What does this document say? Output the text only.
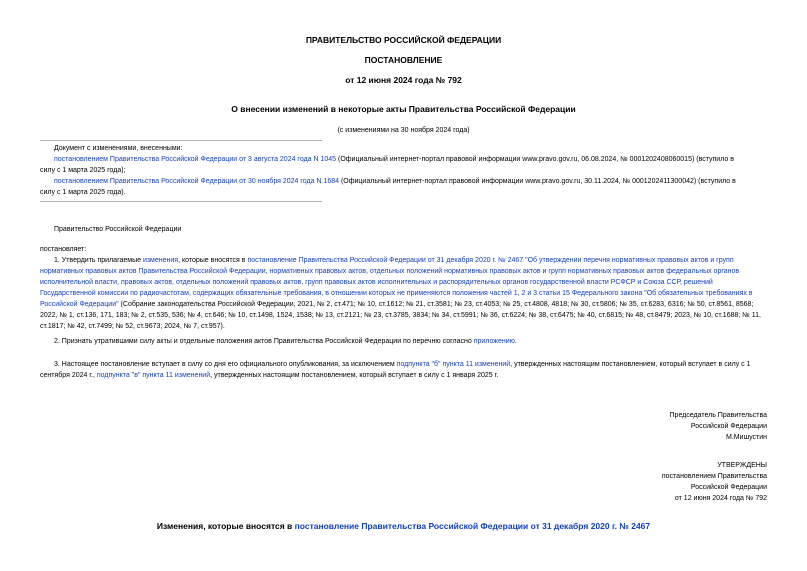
ПРАВИТЕЛЬСТВО РОССИЙСКОЙ ФЕДЕРАЦИИ
ПОСТАНОВЛЕНИЕ
от 12 июня 2024 года № 792
О внесении изменений в некоторые акты Правительства Российской Федерации
(с изменениями на 30 ноября 2024 года)

Документ с изменениями, внесенными:

постановлением Правительства Российской Федерации от 3 августа 2024 года N 1045 (Официальный интернет-портал правовой информации www.pravo.gov.ru, 06.08.2024, № 0001202408060015) (вступило в

силу с 1 марта 2025 года);

постановлением Правительства Российской Федерации от 30 ноября 2024 года N 1684 (Официальный интернет-портал правовой информации www.pravo.gov.ru, 30.11.2024, № 0001202411300042) (вступило в

силу с 1 марта 2025 года).

Правительство Российской Федерации
постановляет:
1. Утвердить прилагаемые изменения, которые вносятся в постановление Правительства Российской Федерации от 31 декабря 2020 г. № 2467 "Об утверждении перечня нормативных правовых актов и групп нормативных правовых актов Правительства Российской Федерации, нормативных правовых актов, отдельных положений нормативных правовых актов и групп нормативных правовых актов федеральных органов исполнительной власти, правовых актов, отдельных положений правовых актов, групп правовых актов исполнительных и распорядительных органов государственной власти РСФСР и Союза ССР, решений Государственной комиссии по радиочастотам, содержащих обязательные требования, в отношении которых не применяются положения частей 1, 2 и 3 статьи 15 Федерального закона "Об обязательных требованиях в Российской Федерации" (Собрание законодательства Российской Федерации, 2021, № 2, ст.471; № 10, ст.1612; № 21, ст.3581; № 23, ст.4053; № 25, ст.4808, 4818; № 30, ст.5806; № 35, ст.6283, 6316; № 50, ст.8561, 8568; 2022, № 1, ст.136, 171, 183; № 2, ст.535, 536; № 4, ст.646; № 10, ст.1498, 1524, 1538; № 13, ст.2121; № 23, ст.3785, 3834; № 34, ст.5991; № 36, ст.6224; № 38, ст.6475; № 40, ст.6815; № 48, ст.8479; 2023, № 10, ст.1688; № 11, ст.1817; № 42, ст.7499; № 52, ст.9673; 2024, № 7, ст.957).
2. Признать утратившими силу акты и отдельные положения актов Правительства Российской Федерации по перечню согласно приложению.
3. Настоящее постановление вступает в силу со дня его официального опубликования, за исключением подпункта "б" пункта 11 изменений, утвержденных настоящим постановлением, который вступает в силу с 1 сентября 2024 г., подпункта "в" пункта 11 изменений, утвержденных настоящим постановлением, который вступает в силу с 1 января 2025 г.
Председатель Правительства
Российской Федерации
М.Мишустин
УТВЕРЖДЕНЫ
постановлением Правительства
Российской Федерации
от 12 июня 2024 года № 792
Изменения, которые вносятся в постановление Правительства Российской Федерации от 31 декабря 2020 г. № 2467
